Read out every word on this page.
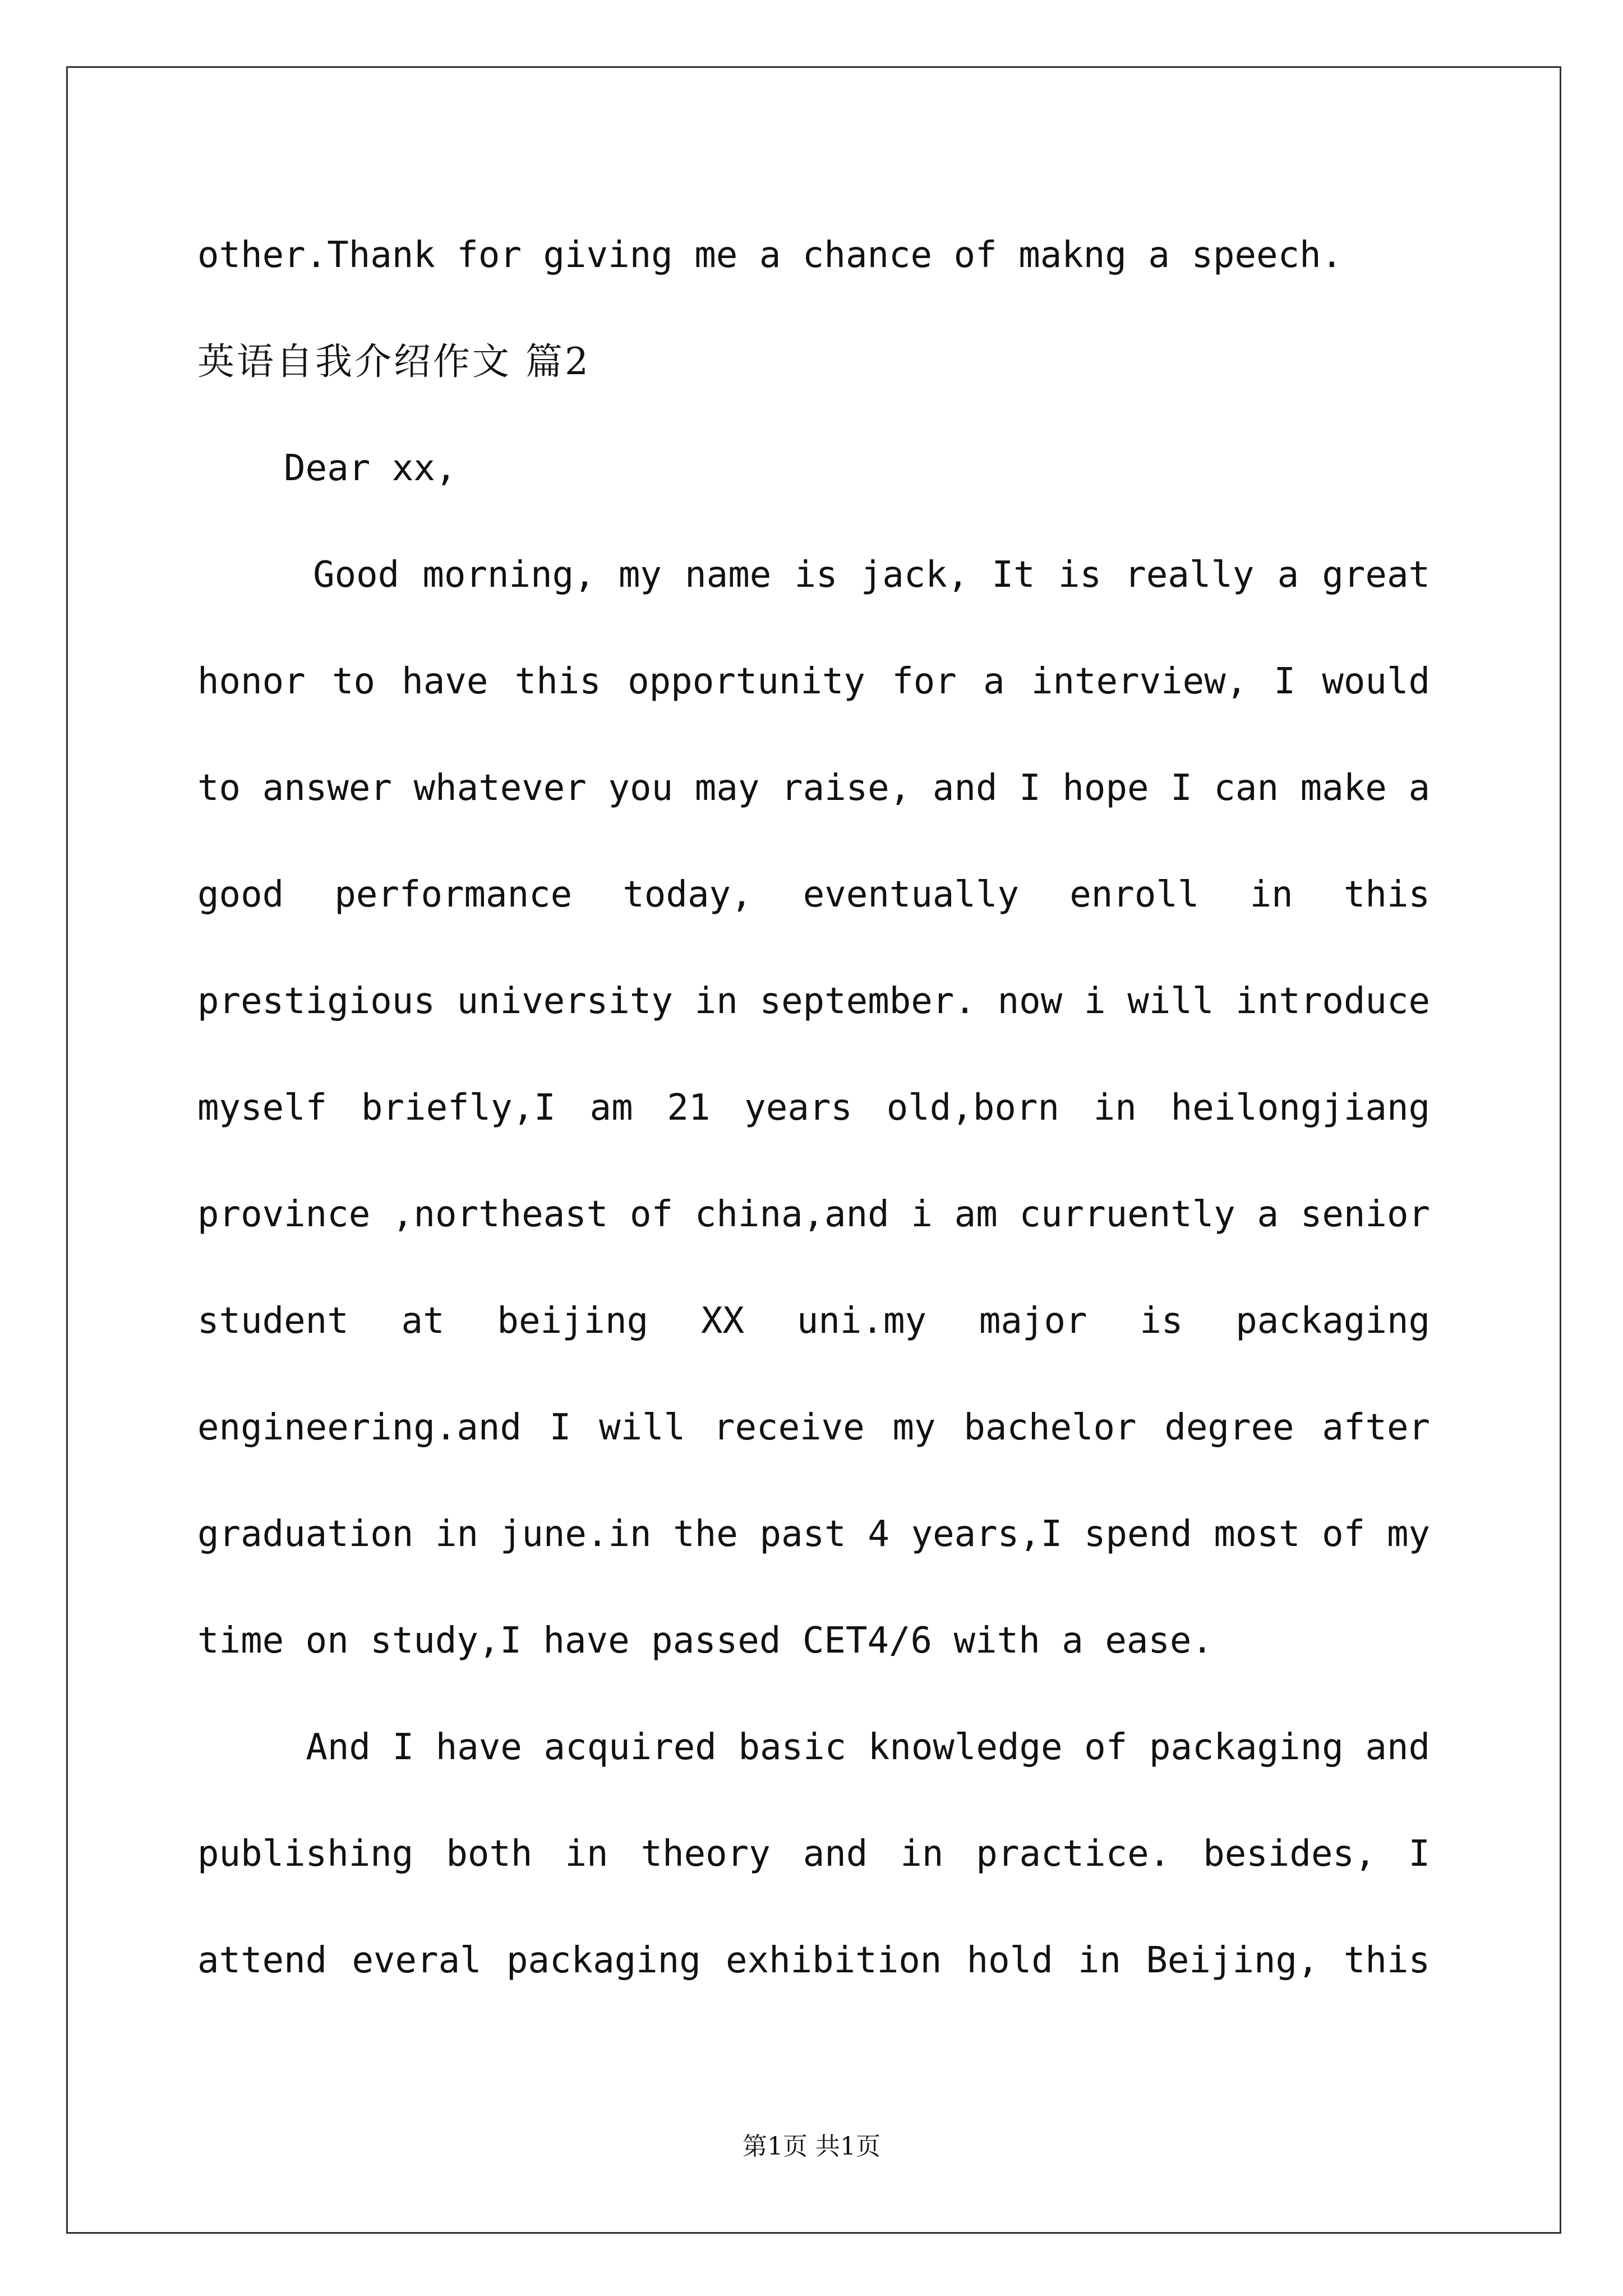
other.Thank for giving me a chance of makng a speech.
英语自我介绍作文 篇2
Dear xx,
Good morning, my name is jack, It is really a great
honor to have this opportunity for a interview, I would
to answer whatever you may raise, and I hope I can make a
good performance today, eventually enroll in this
prestigious university in september. now i will introduce
myself briefly,I am 21 years old,born in heilongjiang
province ,northeast of china,and i am curruently a senior
student at beijing XX uni.my major is packaging
engineering.and I will receive my bachelor degree after
graduation in june.in the past 4 years,I spend most of my
time on study,I have passed CET4/6 with a ease.
And I have acquired basic knowledge of packaging and
publishing both in theory and in practice. besides, I
attend everal packaging exhibition hold in Beijing, this
第1页 共1页
